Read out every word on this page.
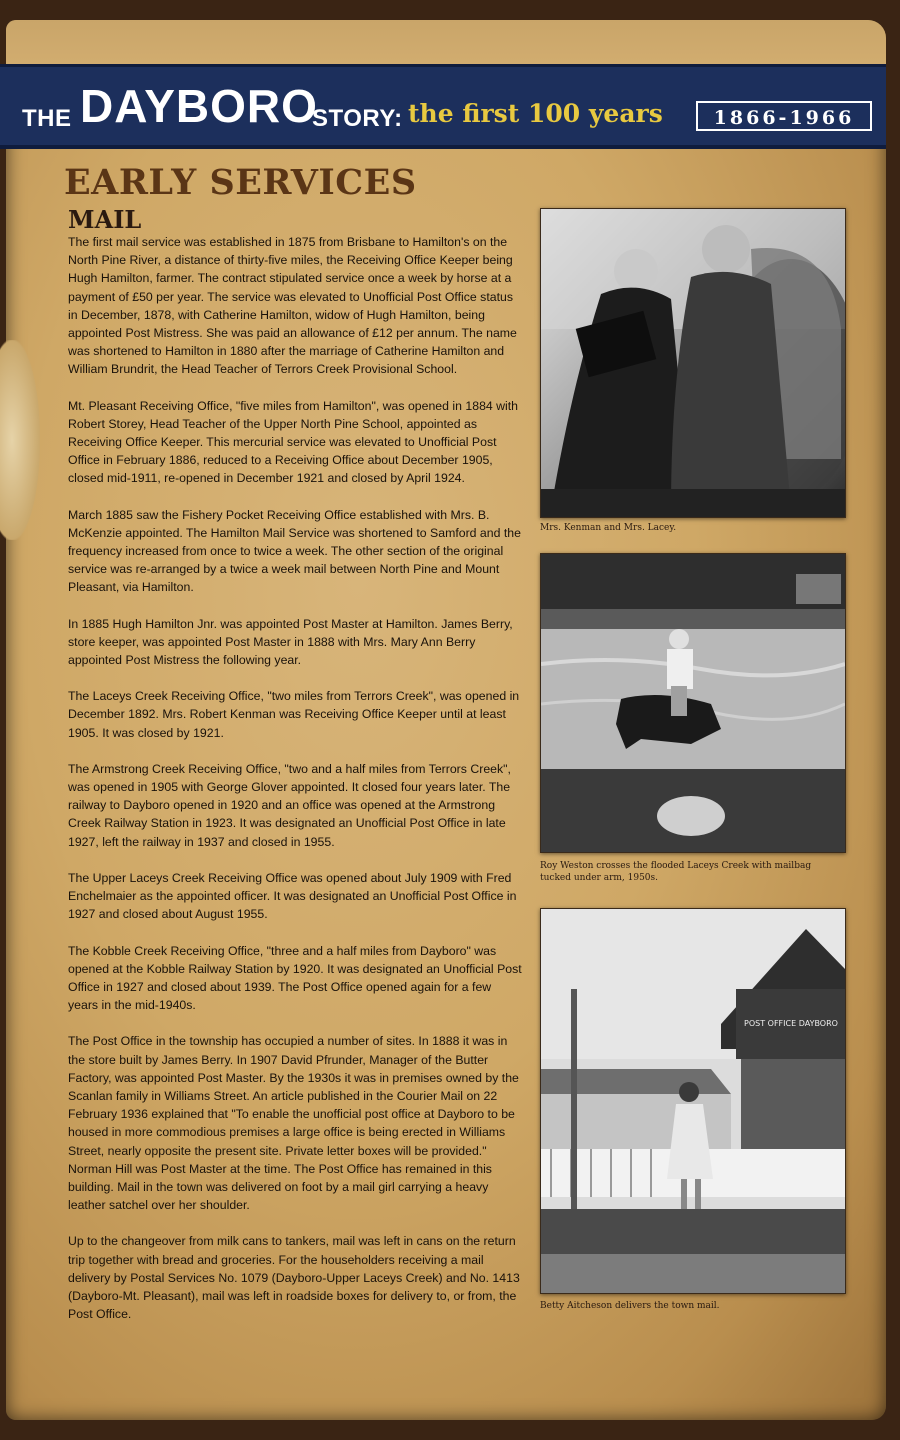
THE DAYBORO
STORY: the first 100 years	1866-1966
EARLY SERVICES
MAIL

The first mail service was established in 1875 from Brisbane to Hamilton's on the North Pine River, a distance of thirty-five miles, the Receiving Office Keeper being Hugh Hamilton, farmer. The contract stipulated service once a week by horse at a payment of £50 per year. The service was elevated to Unofficial Post Office status in December, 1878, with Catherine Hamilton, widow of Hugh Hamilton, being appointed Post Mistress. She was paid an allowance of £12 per annum. The name was shortened to Hamilton in 1880 after the marriage of Catherine Hamilton and William Brundrit, the Head Teacher of Terrors Creek Provisional School.

Mt. Pleasant Receiving Office, "five miles from Hamilton", was opened in 1884 with Robert Storey, Head Teacher of the Upper North Pine School, appointed as Receiving Office Keeper. This mercurial service was elevated to Unofficial Post Office in February 1886, reduced to a Receiving Office about December 1905, closed mid-1911, re-opened in December 1921 and closed by April 1924.

March 1885 saw the Fishery Pocket Receiving Office established with Mrs. B. McKenzie appointed. The Hamilton Mail Service was shortened to Samford and the frequency increased from once to twice a week. The other section of the original service was re-arranged by a twice a week mail between North Pine and Mount Pleasant, via Hamilton.

In 1885 Hugh Hamilton Jnr. was appointed Post Master at Hamilton. James Berry, store keeper, was appointed Post Master in 1888 with Mrs. Mary Ann Berry appointed Post Mistress the following year.

The Laceys Creek Receiving Office, "two miles from Terrors Creek", was opened in December 1892. Mrs. Robert Kenman was Receiving Office Keeper until at least 1905. It was closed by 1921.

The Armstrong Creek Receiving Office, "two and a half miles from Terrors Creek", was opened in 1905 with George Glover appointed. It closed four years later. The railway to Dayboro opened in 1920 and an office was opened at the Armstrong Creek Railway Station in 1923. It was designated an Unofficial Post Office in late 1927, left the railway in 1937 and closed in 1955.

The Upper Laceys Creek Receiving Office was opened about July 1909 with Fred Enchelmaier as the appointed officer. It was designated an Unofficial Post Office in 1927 and closed about August 1955.

The Kobble Creek Receiving Office, "three and a half miles from Dayboro" was opened at the Kobble Railway Station by 1920. It was designated an Unofficial Post Office in 1927 and closed about 1939. The Post Office opened again for a few years in the mid-1940s.

The Post Office in the township has occupied a number of sites. In 1888 it was in the store built by James Berry. In 1907 David Pfrunder, Manager of the Butter Factory, was appointed Post Master. By the 1930s it was in premises owned by the Scanlan family in Williams Street. An article published in the Courier Mail on 22 February 1936 explained that "To enable the unofficial post office at Dayboro to be housed in more commodious premises a large office is being erected in Williams Street, nearly opposite the present site. Private letter boxes will be provided." Norman Hill was Post Master at the time. The Post Office has remained in this building. Mail in the town was delivered on foot by a mail girl carrying a heavy leather satchel over her shoulder.

Up to the changeover from milk cans to tankers, mail was left in cans on the return trip together with bread and groceries. For the householders receiving a mail delivery by Postal Services No. 1079 (Dayboro-Upper Laceys Creek) and No. 1413 (Dayboro-Mt. Pleasant), mail was left in roadside boxes for delivery to, or from, the Post Office.

Mrs. Kenman and Mrs. Lacey.
Roy Weston crosses the flooded Laceys Creek with mailbag tucked under arm, 1950s.
POST OFFICE DAYBORO
Betty Aitcheson delivers the town mail.
